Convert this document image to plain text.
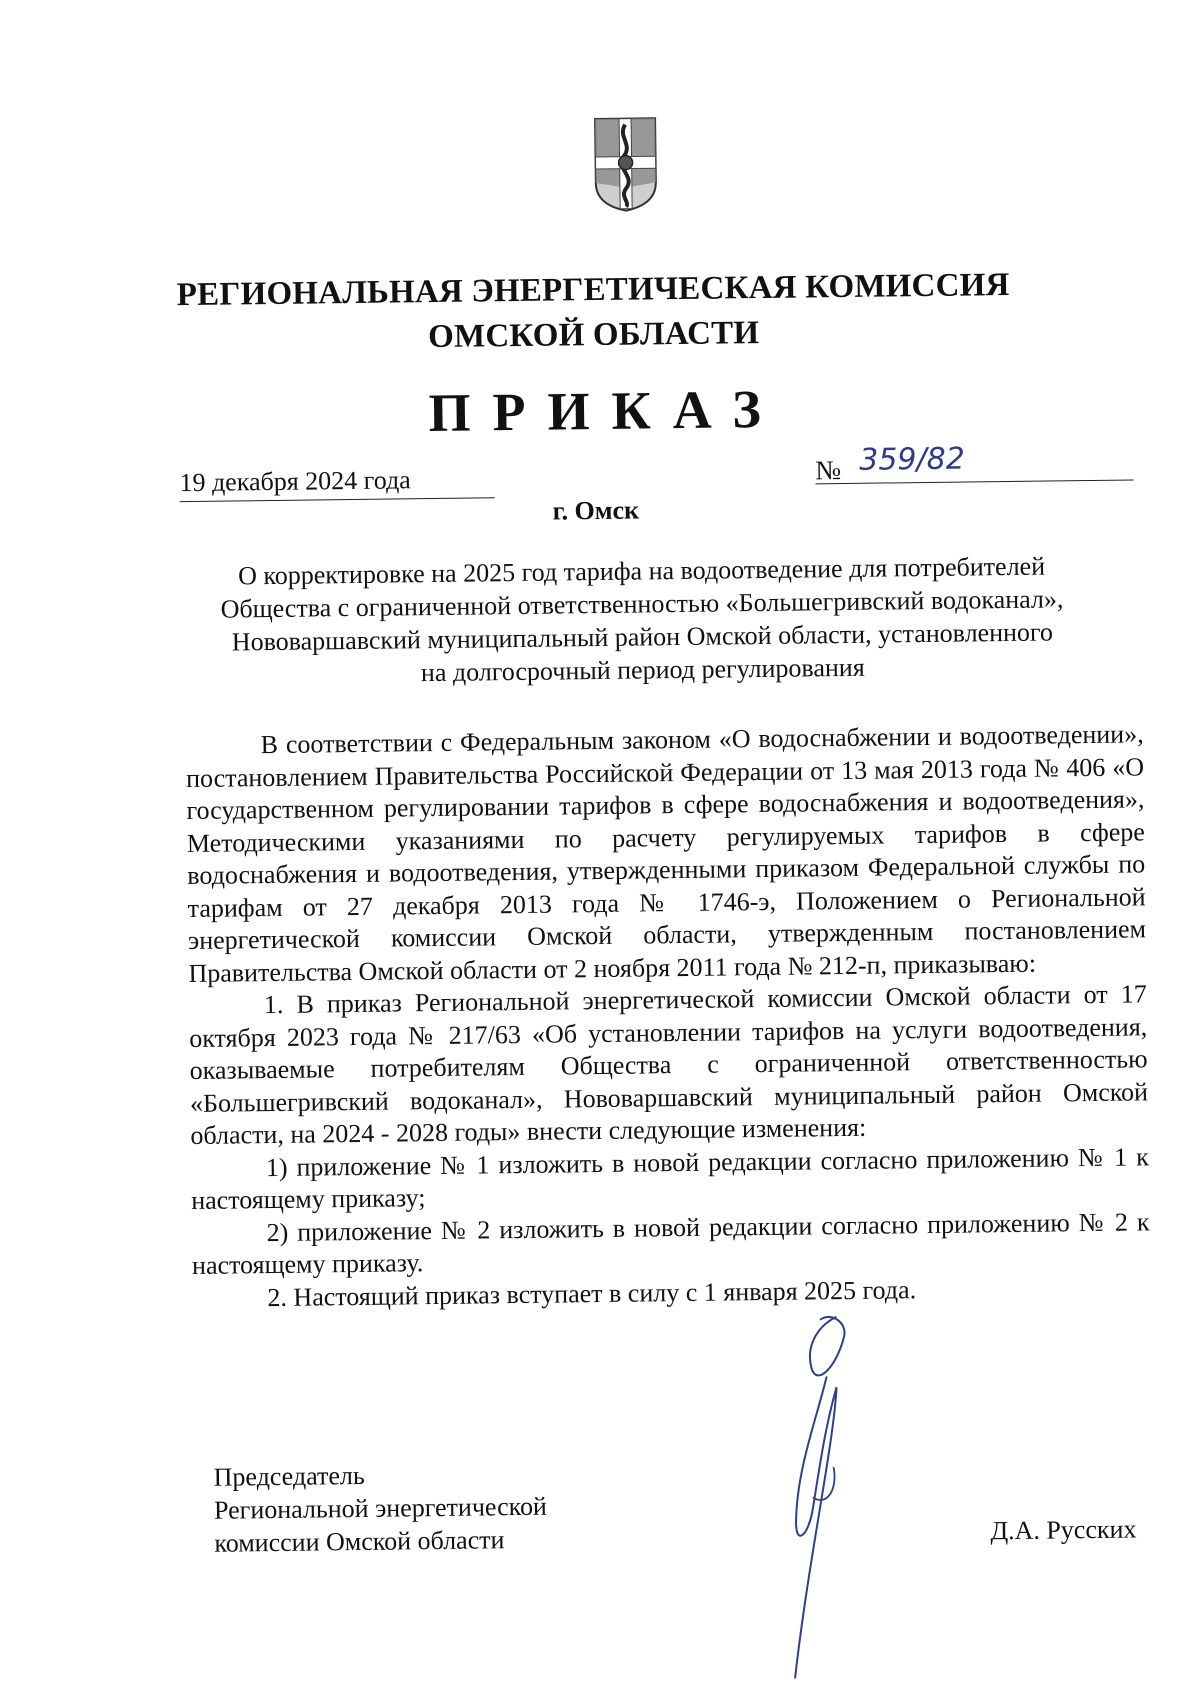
РЕГИОНАЛЬНАЯ ЭНЕРГЕТИЧЕСКАЯ КОМИССИЯ
ОМСКОЙ ОБЛАСТИ
ПРИКАЗ
19 декабря 2024 года	№ 359/82
г. Омск
О корректировке на 2025 год тарифа на водоотведение для потребителей
Общества с ограниченной ответственностью «Большегривский водоканал»,
Нововаршавский муниципальный район Омской области, установленного
на долгосрочный период регулирования

В соответствии с Федеральным законом «О водоснабжении и водоотведении», постановлением Правительства Российской Федерации от 13 мая 2013 года № 406 «О государственном регулировании тарифов в сфере водоснабжения и водоотведения», Методическими указаниями по расчету регулируемых тарифов в сфере водоснабжения и водоотведения, утвержденными приказом Федеральной службы по тарифам от 27 декабря 2013 года № 1746-э, Положением о Региональной энергетической комиссии Омской области, утвержденным постановлением Правительства Омской области от 2 ноября 2011 года № 212-п, приказываю:

1. В приказ Региональной энергетической комиссии Омской области от 17 октября 2023 года № 217/63 «Об установлении тарифов на услуги водоотведения, оказываемые потребителям Общества с ограниченной ответственностью «Большегривский водоканал», Нововаршавский муниципальный район Омской области, на 2024 - 2028 годы» внести следующие изменения:

1) приложение № 1 изложить в новой редакции согласно приложению № 1 к настоящему приказу;

2) приложение № 2 изложить в новой редакции согласно приложению № 2 к настоящему приказу.

2. Настоящий приказ вступает в силу с 1 января 2025 года.

Председатель
Региональной энергетической
комиссии Омской области	Д.А. Русских
